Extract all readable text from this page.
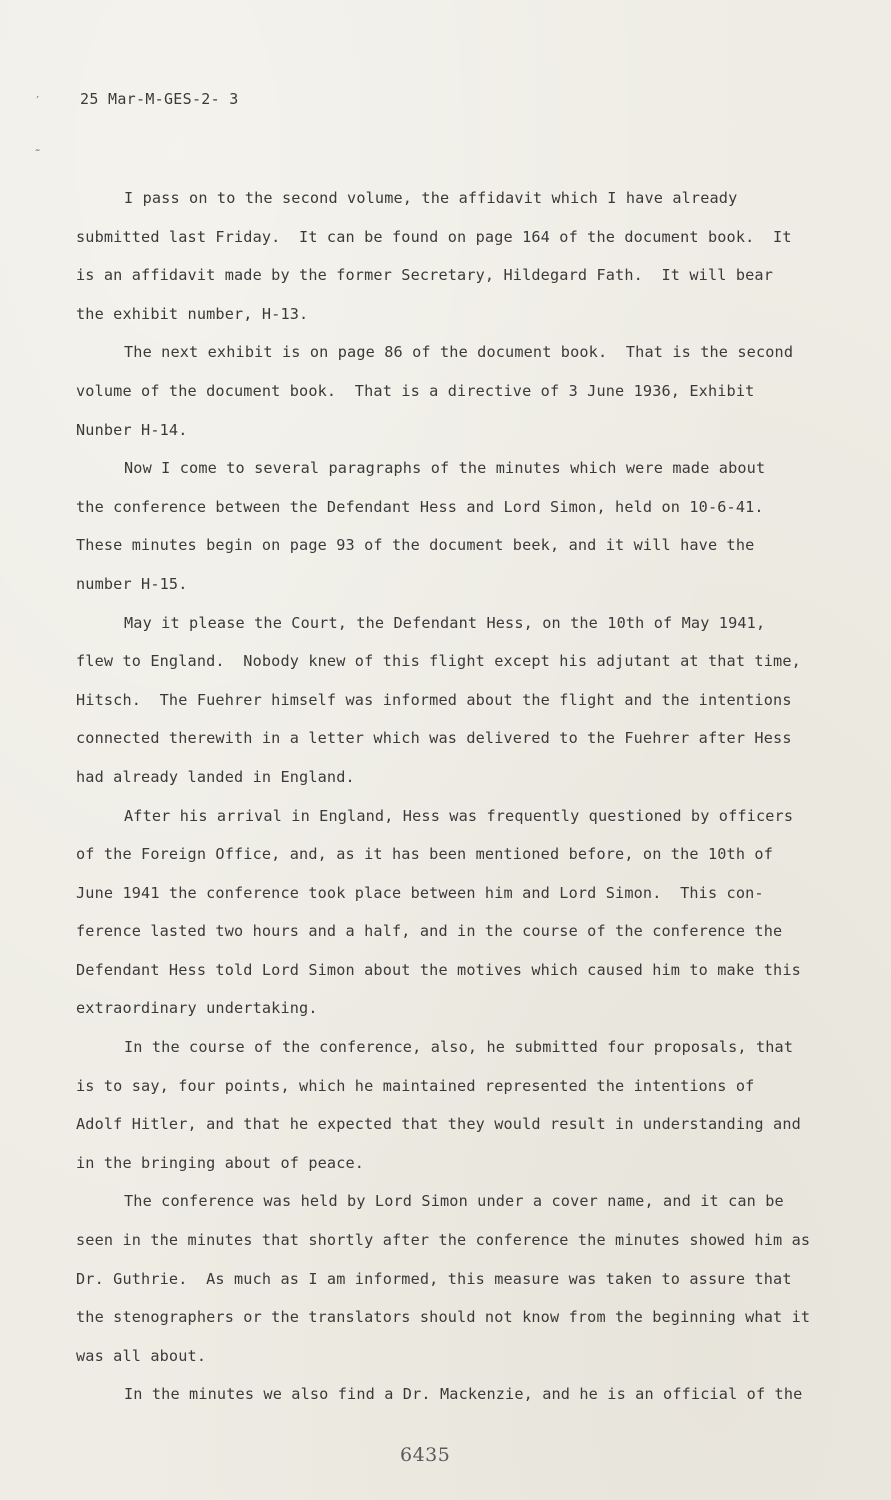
′
˜
25 Mar-M-GES-2- 3
I pass on to the second volume, the affidavit which I have already
submitted last Friday.  It can be found on page 164 of the document book.  It
is an affidavit made by the former Secretary, Hildegard Fath.  It will bear
the exhibit number, H-13.
The next exhibit is on page 86 of the document book.  That is the second
volume of the document book.  That is a directive of 3 June 1936, Exhibit
Nunber H-14.
Now I come to several paragraphs of the minutes which were made about
the conference between the Defendant Hess and Lord Simon, held on 10-6-41.
These minutes begin on page 93 of the document beek, and it will have the
number H-15.
May it please the Court, the Defendant Hess, on the 10th of May 1941,
flew to England.  Nobody knew of this flight except his adjutant at that time,
Hitsch.  The Fuehrer himself was informed about the flight and the intentions
connected therewith in a letter which was delivered to the Fuehrer after Hess
had already landed in England.
After his arrival in England, Hess was frequently questioned by officers
of the Foreign Office, and, as it has been mentioned before, on the 10th of
June 1941 the conference took place between him and Lord Simon.  This con-
ference lasted two hours and a half, and in the course of the conference the
Defendant Hess told Lord Simon about the motives which caused him to make this
extraordinary undertaking.
In the course of the conference, also, he submitted four proposals, that
is to say, four points, which he maintained represented the intentions of
Adolf Hitler, and that he expected that they would result in understanding and
in the bringing about of peace.
The conference was held by Lord Simon under a cover name, and it can be
seen in the minutes that shortly after the conference the minutes showed him as
Dr. Guthrie.  As much as I am informed, this measure was taken to assure that
the stenographers or the translators should not know from the beginning what it
was all about.
In the minutes we also find a Dr. Mackenzie, and he is an official of the
6435
